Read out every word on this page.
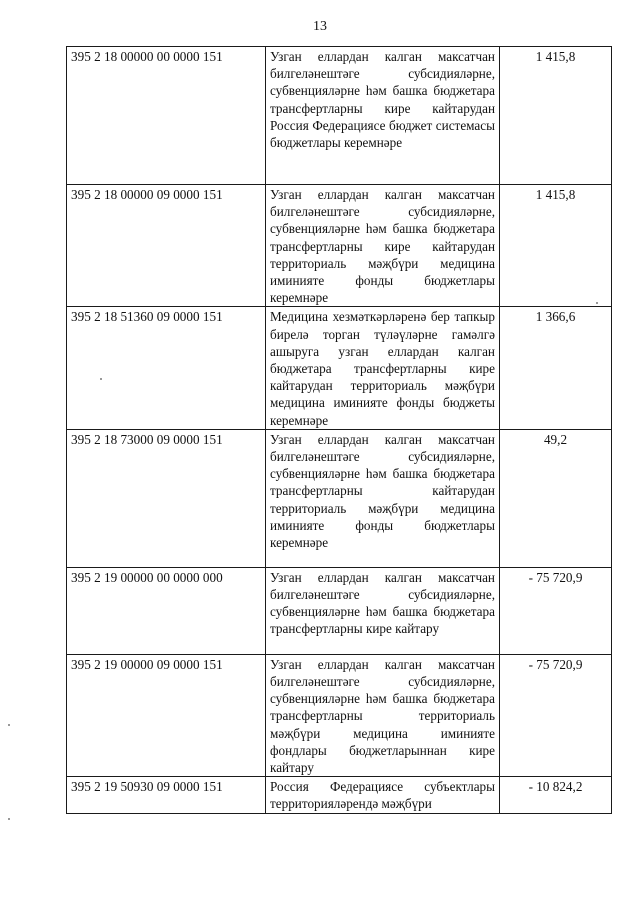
13
395 2 18 00000 00 0000 151	Узган еллардан калган максатчан билгеләнештәге субсидияләрне, субвенцияләрне һәм башка бюджетара трансфертларны кире кайтарудан Россия Федерациясе бюджет системасы бюджетлары керемнәре	1 415,8
395 2 18 00000 09 0000 151	Узган еллардан калган максатчан билгеләнештәге субсидияләрне, субвенцияләрне һәм башка бюджетара трансфертларны кире кайтарудан территориаль мәҗбүри медицина иминияте фонды бюджетлары керемнәре	1 415,8
395 2 18 51360 09 0000 151	Медицина хезмәткәрләренә бер тапкыр бирелә торган түләүләрне гамәлгә ашыруга узган еллардан калган бюджетара трансфертларны кире кайтарудан территориаль мәҗбүри медицина иминияте фонды бюджеты керемнәре	1 366,6
395 2 18 73000 09 0000 151	Узган еллардан калган максатчан билгеләнештәге субсидияләрне, субвенцияләрне һәм башка бюджетара трансфертларны кайтарудан территориаль мәҗбүри медицина иминияте фонды бюджетлары керемнәре	49,2
395 2 19 00000 00 0000 000	Узган еллардан калган максатчан билгеләнештәге субсидияләрне, субвенцияләрне һәм башка бюджетара трансфертларны кире кайтару	- 75 720,9
395 2 19 00000 09 0000 151	Узган еллардан калган максатчан билгеләнештәге субсидияләрне, субвенцияләрне һәм башка бюджетара трансфертларны территориаль мәҗбүри медицина иминияте фондлары бюджетларыннан кире кайтару	- 75 720,9
395 2 19 50930 09 0000 151	Россия Федерациясе субъектлары территорияләрендә мәҗбүри	- 10 824,2
